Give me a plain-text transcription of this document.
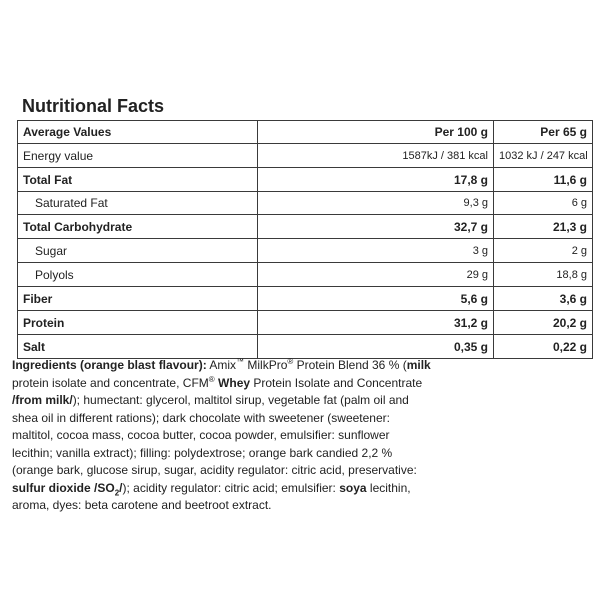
Nutritional Facts
Average Values	Per 100 g	Per 65 g
Energy value	1587kJ / 381 kcal	1032 kJ / 247 kcal
Total Fat	17,8 g	11,6 g
Saturated Fat	9,3 g	6 g
Total Carbohydrate	32,7 g	21,3 g
Sugar	3 g	2 g
Polyols	29 g	18,8 g
Fiber	5,6 g	3,6 g
Protein	31,2 g	20,2 g
Salt	0,35 g	0,22 g
Ingredients (orange blast flavour): Amix™ MilkPro® Protein Blend 36 % (milk protein isolate and concentrate, CFM® Whey Protein Isolate and Concentrate /from milk/); humectant: glycerol, maltitol sirup, vegetable fat (palm oil and shea oil in different rations); dark chocolate with sweetener (sweetener: maltitol, cocoa mass, cocoa butter, cocoa powder, emulsifier: sunflower lecithin; vanilla extract); filling: polydextrose; orange bark candied 2,2 % (orange bark, glucose sirup, sugar, acidity regulator: citric acid, preservative: sulfur dioxide $/SO_2/$); acidity regulator: citric acid; emulsifier: soya lecithin, aroma, dyes: beta carotene and beetroot extract.
